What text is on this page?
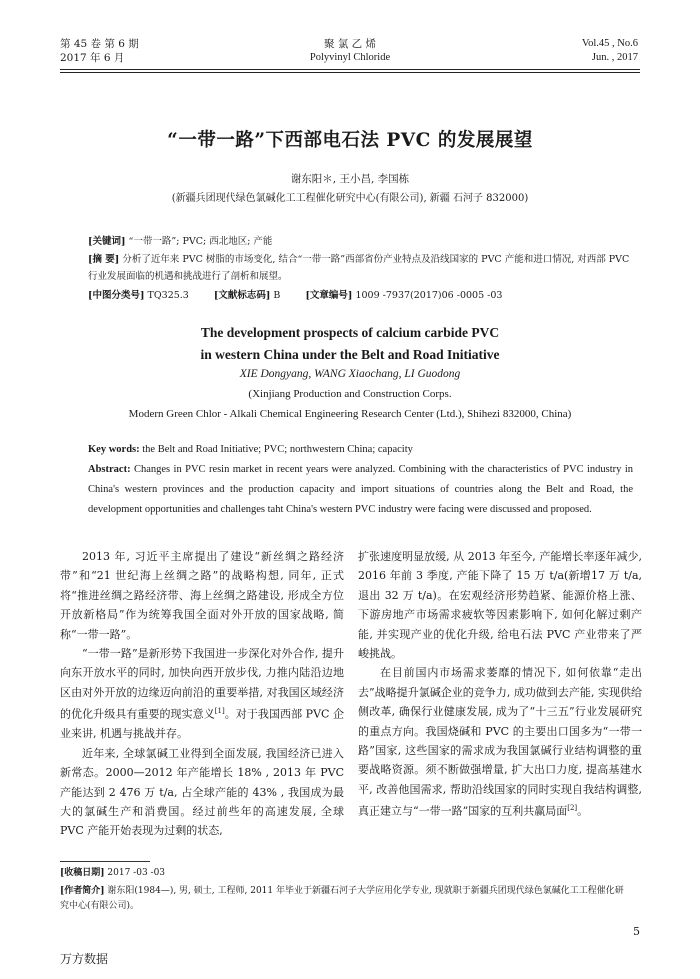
第 45 卷 第 6 期
2017 年 6 月
聚 氯 乙 烯
Polyvinyl Chloride
Vol.45 , No.6
Jun. , 2017
“一带一路”下西部电石法 PVC 的发展展望
谢东阳＊, 王小昌, 李国栋
(新疆兵团现代绿色氯碱化工工程催化研究中心(有限公司), 新疆 石河子 832000)
[关键词] “一带一路”; PVC; 西北地区; 产能
[摘 要] 分析了近年来 PVC 树脂的市场变化, 结合“一带一路”西部省份产业特点及沿线国家的 PVC 产能和进口情况, 对西部 PVC 行业发展面临的机遇和挑战进行了剖析和展望。
[中图分类号] TQ325.3	[文献标志码] B	[文章编号] 1009 -7937(2017)06 -0005 -03
The development prospects of calcium carbide PVC
in western China under the Belt and Road Initiative
XIE Dongyang, WANG Xiaochang, LI Guodong
(Xinjiang Production and Construction Corps.
Modern Green Chlor - Alkali Chemical Engineering Research Center (Ltd.), Shihezi 832000, China)
Key words: the Belt and Road Initiative; PVC; northwestern China; capacity
Abstract: Changes in PVC resin market in recent years were analyzed. Combining with the characteristics of PVC industry in China's western provinces and the production capacity and import situations of countries along the Belt and Road, the development opportunities and challenges taht China's western PVC industry were facing were discussed and proposed.

2013 年, 习近平主席提出了建设“新丝绸之路经济带”和“21 世纪海上丝绸之路”的战略构想, 同年, 正式将“推进丝绸之路经济带、海上丝绸之路建设, 形成全方位开放新格局”作为统筹我国全面对外开放的国家战略, 简称“一带一路”。

“一带一路”是新形势下我国进一步深化对外合作, 提升向东开放水平的同时, 加快向西开放步伐, 力推内陆沿边地区由对外开放的边缘迈向前沿的重要举措, 对我国区域经济的优化升级具有重要的现实意义[1]。对于我国西部 PVC 企业来讲, 机遇与挑战并存。

近年来, 全球氯碱工业得到全面发展, 我国经济已进入新常态。2000—2012 年产能增长 18% , 2013 年 PVC 产能达到 2 476 万 t/a, 占全球产能的 43% , 我国成为最大的氯碱生产和消费国。经过前些年的高速发展, 全球 PVC 产能开始表现为过剩的状态,

扩张速度明显放缓, 从 2013 年至今, 产能增长率逐年减少, 2016 年前 3 季度, 产能下降了 15 万 t/a(新增17 万 t/a, 退出 32 万 t/a)。在宏观经济形势趋紧、能源价格上涨、下游房地产市场需求疲软等因素影响下, 如何化解过剩产能, 并实现产业的优化升级, 给电石法 PVC 产业带来了严峻挑战。

在目前国内市场需求萎靡的情况下, 如何依靠“走出去”战略提升氯碱企业的竞争力, 成功做到去产能, 实现供给侧改革, 确保行业健康发展, 成为了“十三五”行业发展研究的重点方向。我国烧碱和 PVC 的主要出口国多为“一带一路”国家, 这些国家的需求成为我国氯碱行业结构调整的重要战略资源。须不断做强增量, 扩大出口力度, 提高基建水平, 改善他国需求, 帮助沿线国家的同时实现自我结构调整, 真正建立与“一带一路”国家的互利共赢局面[2]。

[收稿日期] 2017 -03 -03
[作者简介] 谢东阳(1984—), 男, 硕士, 工程师, 2011 年毕业于新疆石河子大学应用化学专业, 现就职于新疆兵团现代绿色氯碱化工工程催化研究中心(有限公司)。
5
万方数据
